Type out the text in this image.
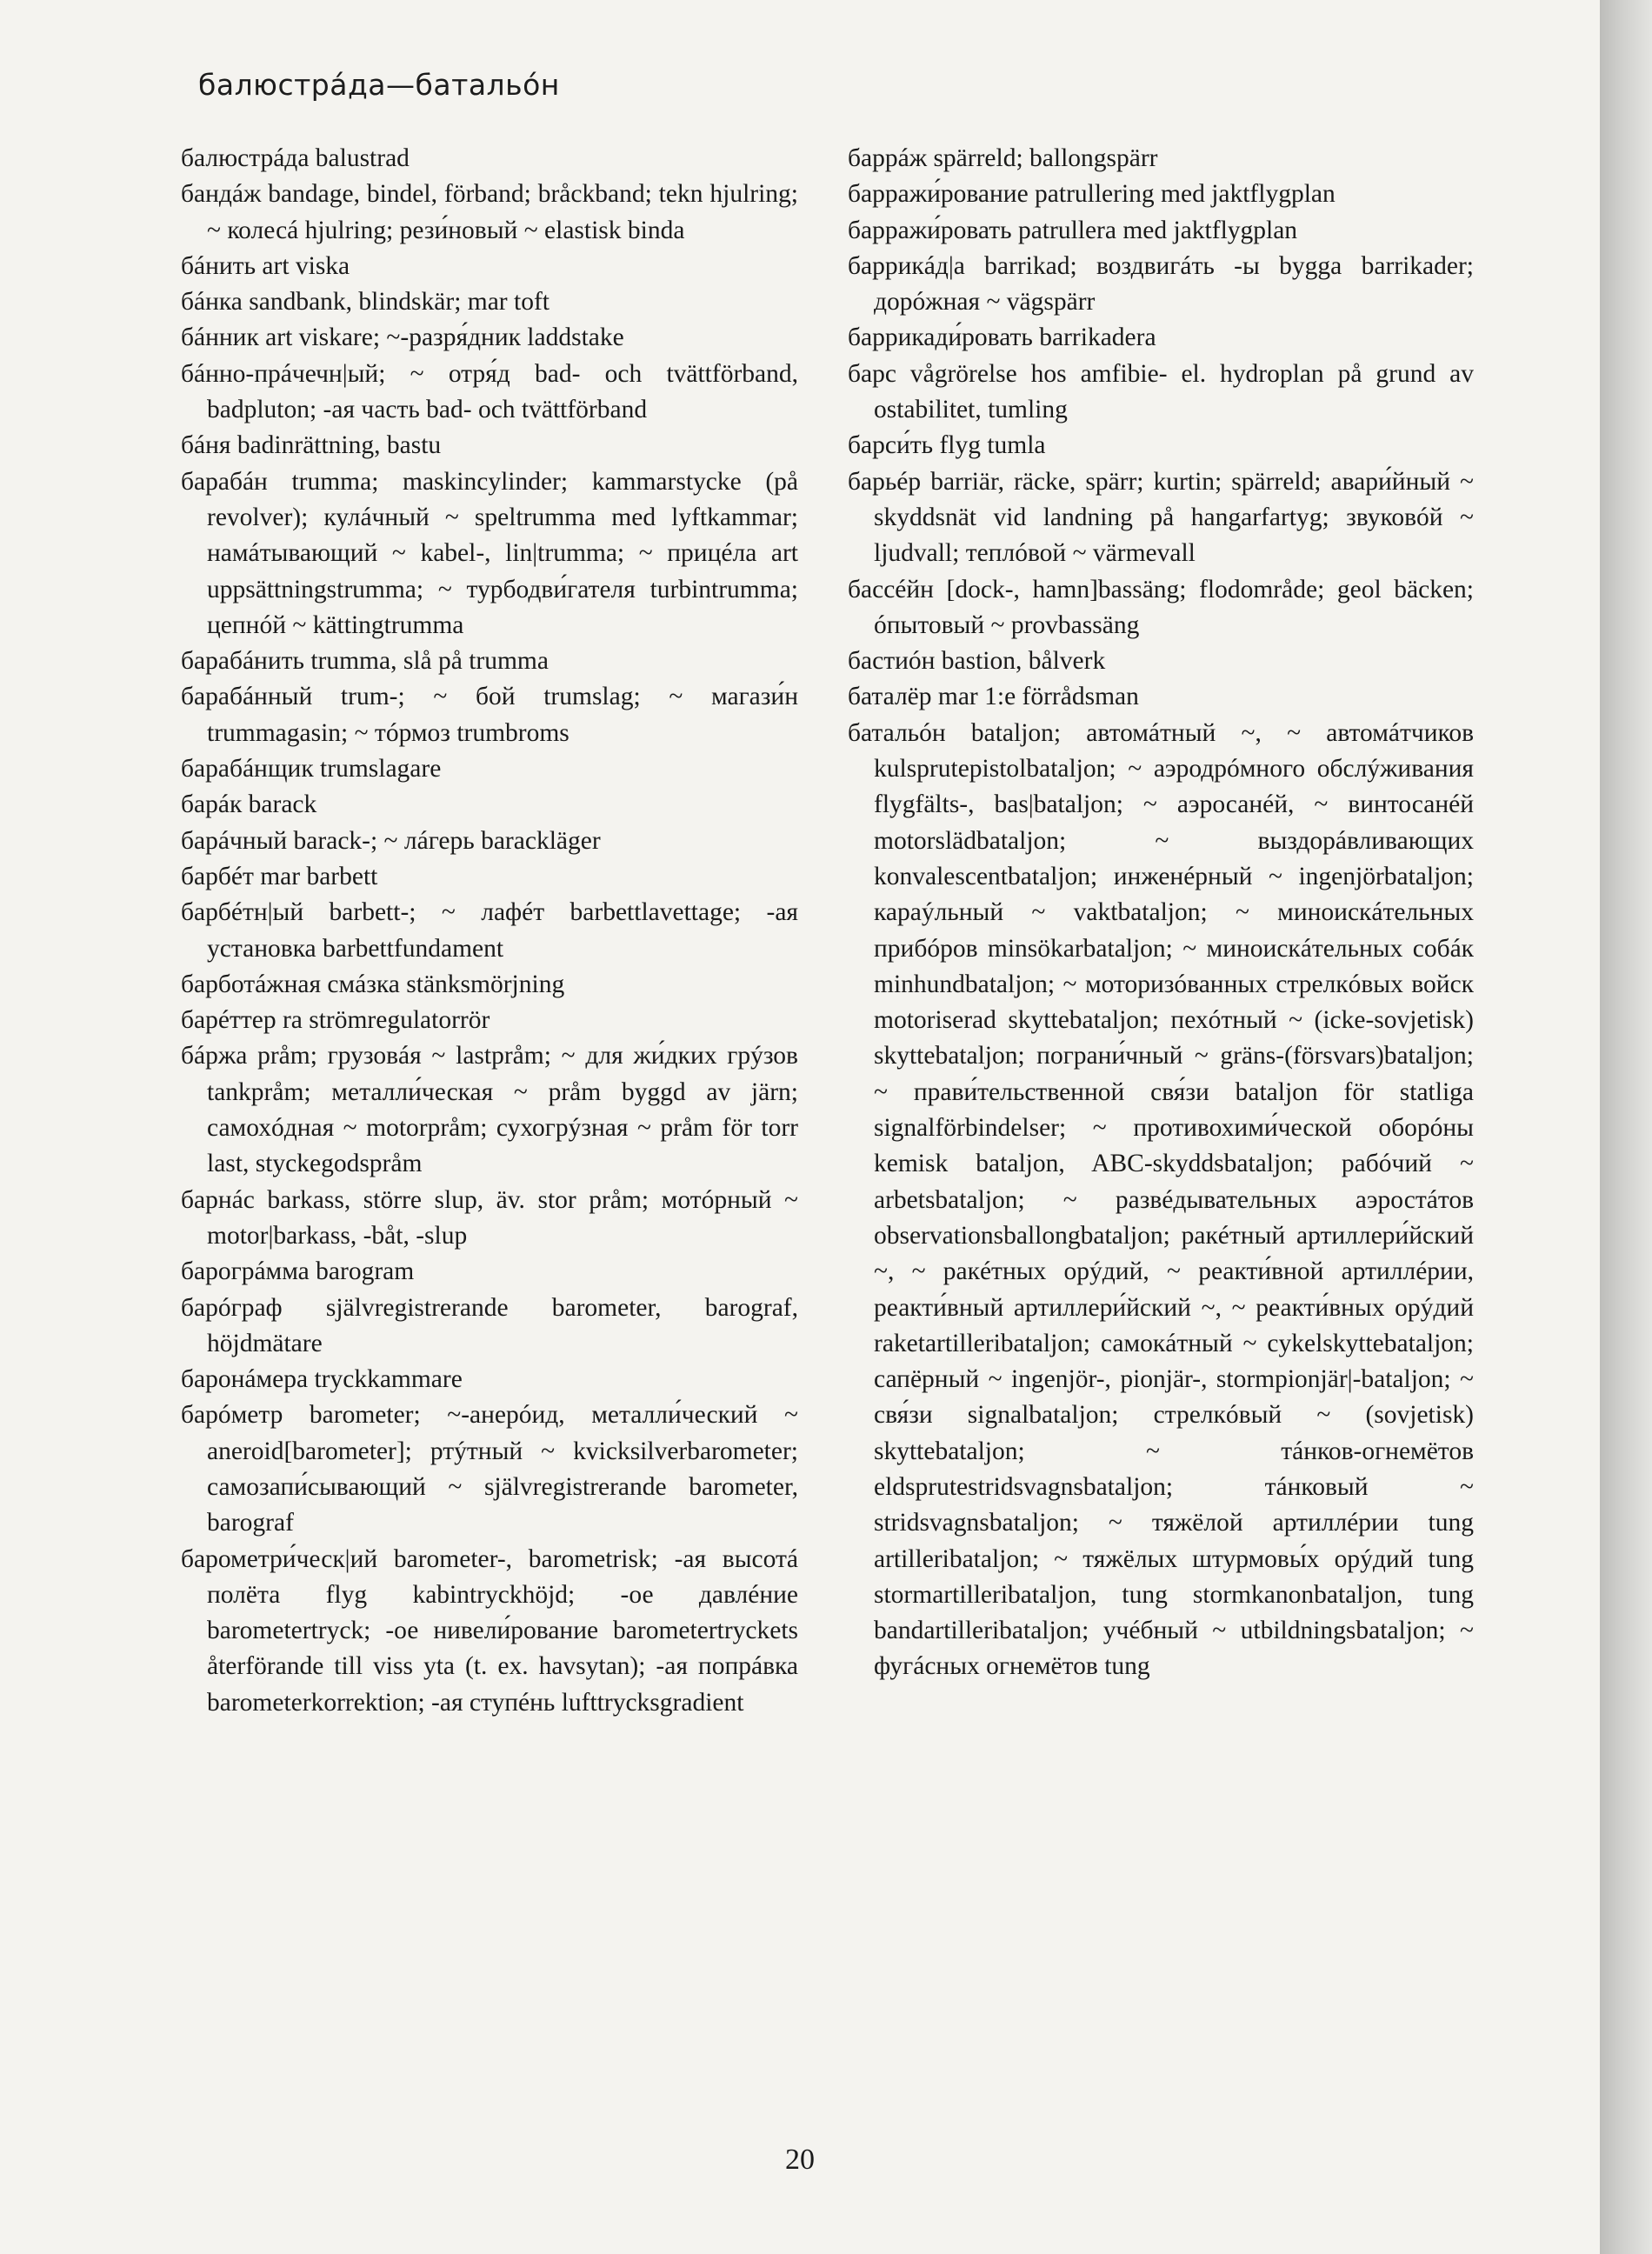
балюстрáда—батальóн

балюстрáда balustrad

бандáж bandage, bindel, förband; bråckband; tekn hjulring; ~ колесá hjulring; рези́новый ~ elastisk binda

бáнить art viska

бáнка sandbank, blindskär; mar toft

бáнник art viskare; ~-разря́дник laddstake

бáнно-прáчечн|ый; ~ отря́д bad- och tvättförband, badpluton; -ая часть bad- och tvättförband

бáня badinrättning, bastu

барабáн trumma; maskincylinder; kammarstycke (på revolver); кулáчный ~ speltrumma med lyftkammar; намáтывающий ~ kabel-, lin|trumma; ~ прицéла art uppsättningstrumma; ~ турбодви́гателя turbintrumma; цепнóй ~ kättingtrumma

барабáнить trumma, slå på trumma

барабáнный trum-; ~ бой trumslag; ~ магази́н trummagasin; ~ тóрмоз trumbroms

барабáнщик trumslagare

барáк barack

барáчный barack-; ~ лáгерь barackläger

барбéт mar barbett

барбéтн|ый barbett-; ~ лафéт barbettlavettage; -ая установка barbettfundament

барботáжная смáзка stänksmörjning

барéттер ra strömregulatorrör

бáржа pråm; грузовáя ~ lastpråm; ~ для жи́дких грýзов tankpråm; металли́ческая ~ pråm byggd av järn; самохóдная ~ motorpråm; сухогрýзная ~ pråm för torr last, styckegodspråm

барнáс barkass, större slup, äv. stor pråm; мотóрный ~ motor|barkass, -båt, -slup

барогрáмма barogram

барóграф självregistrerande barometer, barograf, höjdmätare

баронáмера tryckkammare

барóметр barometer; ~-анерóид, металли́ческий ~ aneroid[barometer]; ртýтный ~ kvicksilverbarometer; самозапи́сывающий ~ självregistrerande barometer, barograf

барометри́ческ|ий barometer-, barometrisk; -ая высотá полёта flyg kabintryckhöjd; -ое давлéние barometertryck; -ое нивели́рование barometertryckets återförande till viss yta (t. ex. havsytan); -ая попрáвка barometerkorrektion; -ая ступéнь lufttrycksgradient

баррáж spärreld; ballongspärr

баррaжи́рование patrullering med jaktflygplan

барражи́ровать patrullera med jaktflygplan

баррикáд|а barrikad; воздвигáть -ы bygga barrikader; дорóжная ~ vägspärr

баррикади́ровать barrikadera

барс vågrörelse hos amfibie- el. hydroplan på grund av ostabilitet, tumling

барси́ть flyg tumla

барьéр barriär, räcke, spärr; kurtin; spärreld; авари́йный ~ skyddsnät vid landning på hangarfartyg; звуковóй ~ ljudvall; теплóвой ~ värmevall

бассéйн [dock-, hamn]bassäng; flodområde; geol bäcken; óпытовый ~ provbassäng

бастиóн bastion, bålverk

баталёр mar 1:e förrådsman

батальóн bataljon; автомáтный ~, ~ автомáтчиков kulsprutepistolbataljon; ~ аэродрóмного обслýживания flygfälts-, bas|bataljon; ~ аэросанéй, ~ винтосанéй motorslädbataljon; ~ выздорáвливающих konvalescentbataljon; инженéрный ~ ingenjörbataljon; караýльный ~ vaktbataljon; ~ миноискáтельных прибóров minsökarbataljon; ~ миноискáтельных собáк minhundbataljon; ~ моторизóванных стрелкóвых войск motoriserad skyttebataljon; пехóтный ~ (icke-sovjetisk) skyttebataljon; пограни́чный ~ gräns-(försvars)bataljon; ~ прави́тельственной свя́зи bataljon för statliga signalförbindelser; ~ противохими́ческой оборóны kemisk bataljon, ABC-skyddsbataljon; рабóчий ~ arbetsbataljon; ~ развéдывательных аэростáтов observationsballongbataljon; ракéтный артиллери́йский ~, ~ ракéтных орýдий, ~ реакти́вной артиллéрии, реакти́вный артиллери́йский ~, ~ реакти́вных орýдий raketartilleribataljon; самокáтный ~ cykelskyttebataljon; сапёрный ~ ingenjör-, pionjär-, stormpionjär|-bataljon; ~ свя́зи signalbataljon; стрелкóвый ~ (sovjetisk) skyttebataljon; ~ тáнков-огнемётов eldsprutestridsvagnsbataljon; тáнковый ~ stridsvagnsbataljon; ~ тяжёлой артиллéрии tung artilleribataljon; ~ тяжёлых штурмовы́х орýдий tung stormartilleribataljon, tung stormkanonbataljon, tung bandartilleribataljon; учéбный ~ utbildningsbataljon; ~ фугáсных огнемётов tung

20
